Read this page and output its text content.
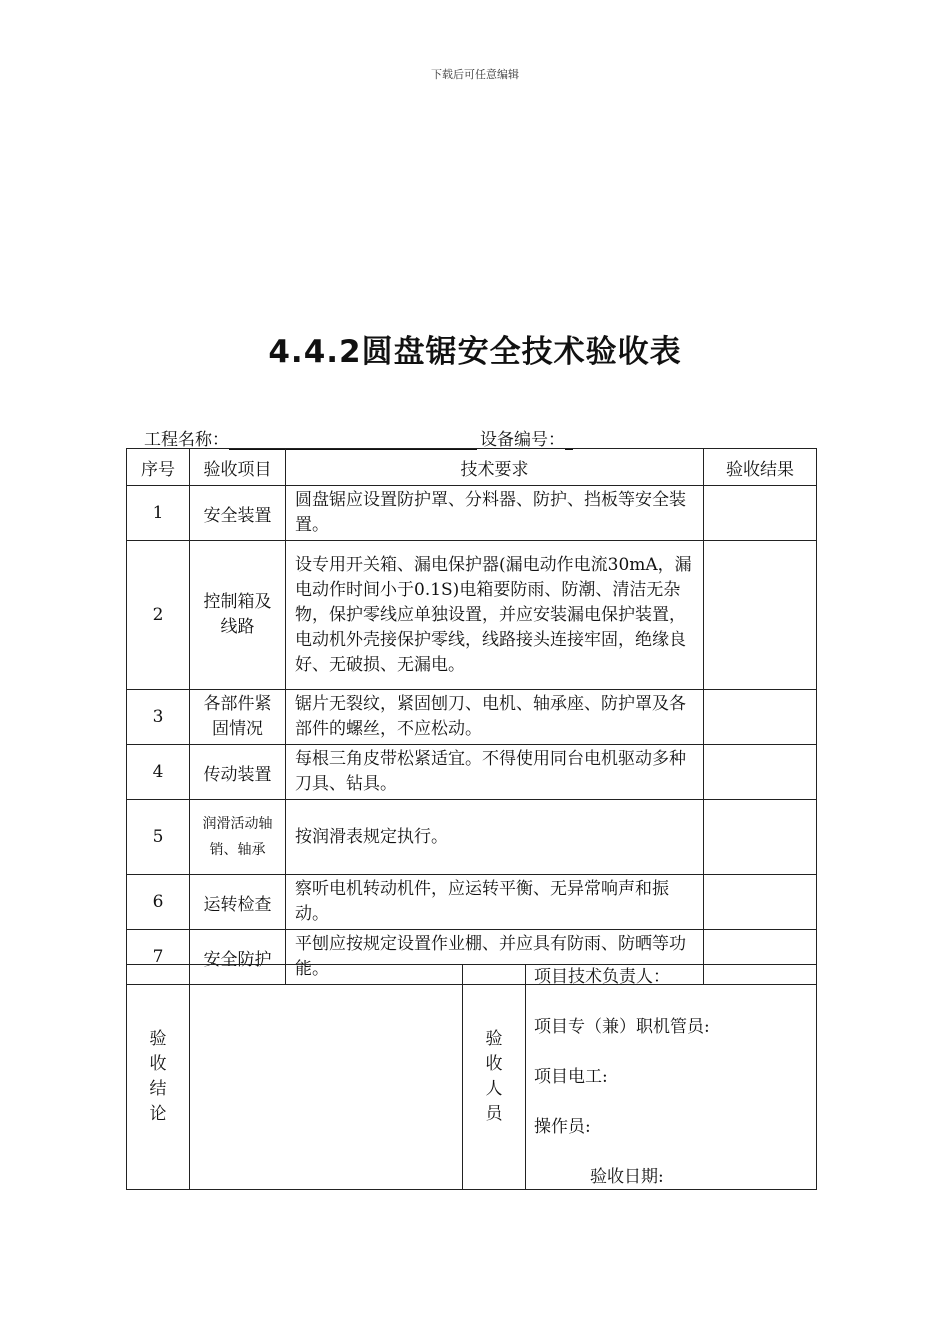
下载后可任意编辑
4.4.2圆盘锯安全技术验收表
工程名称：	设备编号：
序号	验收项目	技术要求	验收结果
1	安全装置	圆盘锯应设置防护罩、分料器、防护、挡板等安全装置。	
2	控制箱及线路	设专用开关箱、漏电保护器(漏电动作电流30mA，漏电动作时间小于0.1S)电箱要防雨、防潮、清洁无杂物，保护零线应单独设置，并应安装漏电保护装置，电动机外壳接保护零线，线路接头连接牢固，绝缘良好、无破损、无漏电。	
3	各部件紧固情况	锯片无裂纹，紧固刨刀、电机、轴承座、防护罩及各部件的螺丝，不应松动。	
4	传动装置	每根三角皮带松紧适宜。不得使用同台电机驱动多种刀具、钻具。	
5	润滑活动轴销、轴承	按润滑表规定执行。	
6	运转检查	察听电机转动机件，应运转平衡、无异常响声和振动。	
7	安全防护	平刨应按规定设置作业棚、并应具有防雨、防晒等功能。	
验收结论

验收人员

项目技术负责人：
项目专（兼）职机管员:
项目电工:
操作员:
验收日期:
